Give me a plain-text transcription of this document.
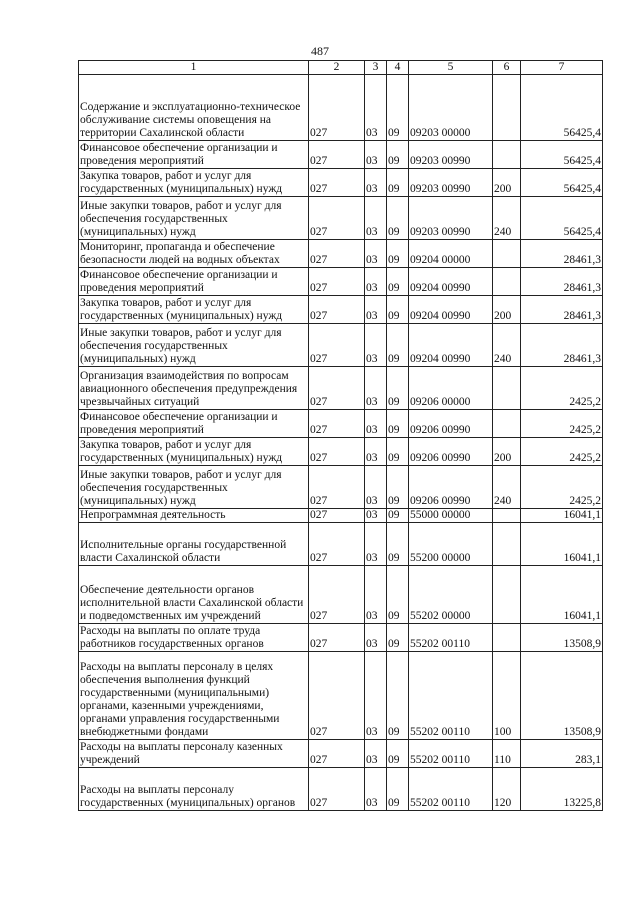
487
1	2	3	4	5	6	7
Содержание и эксплуатационно-техническое обслуживание системы оповещения на территории Сахалинской области	027	03	09	09203 00000		56425,4
Финансовое обеспечение организации и проведения мероприятий	027	03	09	09203 00990		56425,4
Закупка товаров, работ и услуг для государственных (муниципальных) нужд	027	03	09	09203 00990	200	56425,4
Иные закупки товаров, работ и услуг для обеспечения государственных (муниципальных) нужд	027	03	09	09203 00990	240	56425,4
Мониторинг, пропаганда и обеспечение безопасности людей на водных объектах	027	03	09	09204 00000		28461,3
Финансовое обеспечение организации и проведения мероприятий	027	03	09	09204 00990		28461,3
Закупка товаров, работ и услуг для государственных (муниципальных) нужд	027	03	09	09204 00990	200	28461,3
Иные закупки товаров, работ и услуг для обеспечения государственных (муниципальных) нужд	027	03	09	09204 00990	240	28461,3
Организация взаимодействия по вопросам авиационного обеспечения предупреждения чрезвычайных ситуаций	027	03	09	09206 00000		2425,2
Финансовое обеспечение организации и проведения мероприятий	027	03	09	09206 00990		2425,2
Закупка товаров, работ и услуг для государственных (муниципальных) нужд	027	03	09	09206 00990	200	2425,2
Иные закупки товаров, работ и услуг для обеспечения государственных (муниципальных) нужд	027	03	09	09206 00990	240	2425,2
Непрограммная деятельность	027	03	09	55000 00000		16041,1
Исполнительные органы государственной власти Сахалинской области	027	03	09	55200 00000		16041,1
Обеспечение деятельности органов исполнительной власти Сахалинской области и подведомственных им учреждений	027	03	09	55202 00000		16041,1
Расходы на выплаты по оплате труда работников государственных органов	027	03	09	55202 00110		13508,9
Расходы на выплаты персоналу в целях обеспечения выполнения функций государственными (муниципальными) органами, казенными учреждениями, органами управления государственными внебюджетными фондами	027	03	09	55202 00110	100	13508,9
Расходы на выплаты персоналу казенных учреждений	027	03	09	55202 00110	110	283,1
Расходы на выплаты персоналу государственных (муниципальных) органов	027	03	09	55202 00110	120	13225,8
